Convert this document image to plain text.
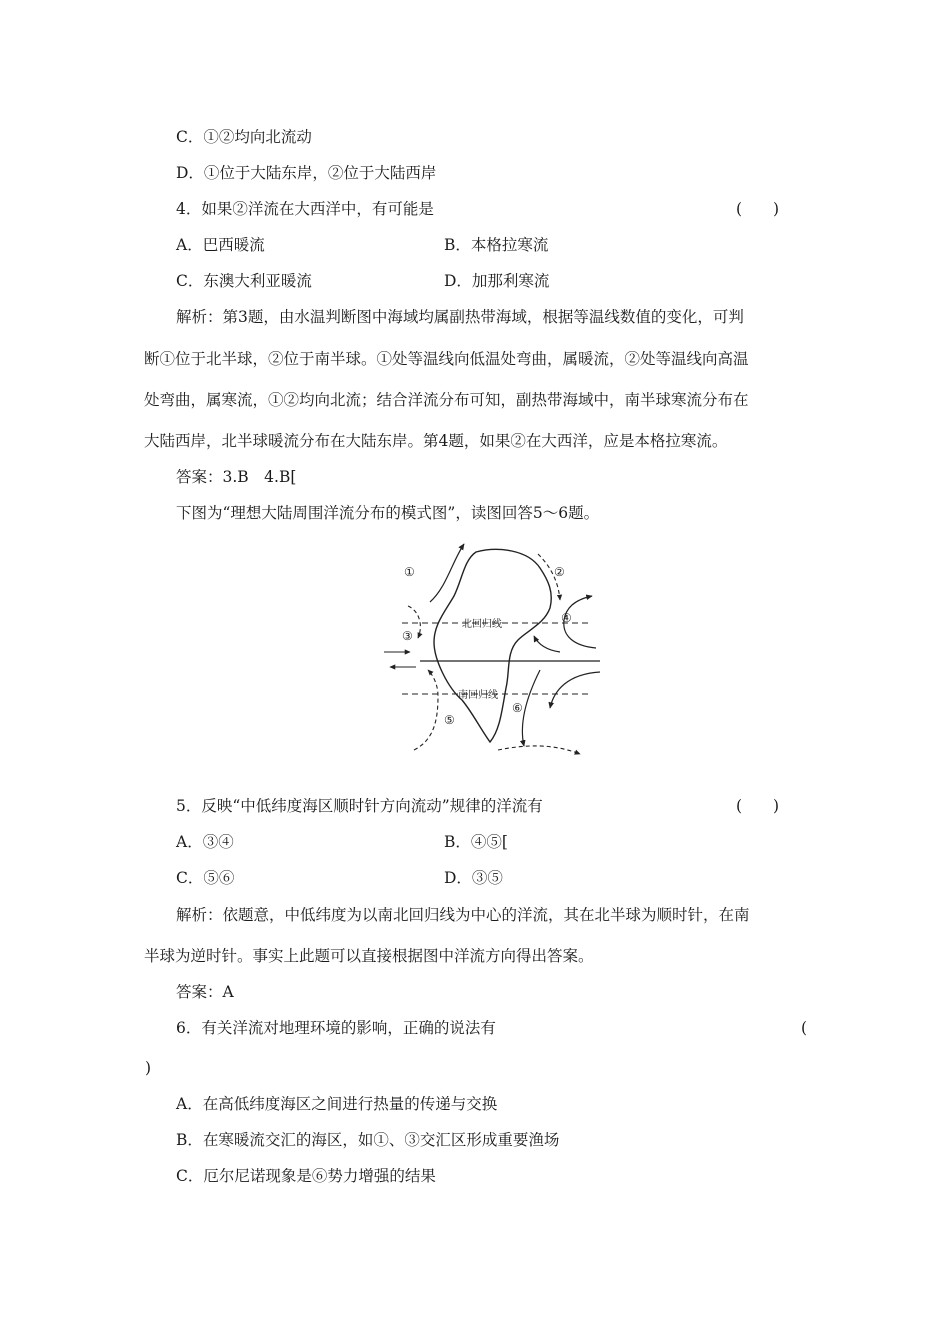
C．①②均向北流动
D．①位于大陆东岸，②位于大陆西岸
4．如果②洋流在大西洋中，有可能是	(　　)
A．巴西暖流	B．本格拉寒流
C．东澳大利亚暖流	D．加那利寒流
解析：第3题，由水温判断图中海域均属副热带海域，根据等温线数值的变化，可判
断①位于北半球，②位于南半球。①处等温线向低温处弯曲，属暖流，②处等温线向高温
处弯曲，属寒流，①②均向北流；结合洋流分布可知，副热带海域中，南半球寒流分布在
大陆西岸，北半球暖流分布在大陆东岸。第4题，如果②在大西洋，应是本格拉寒流。
答案：3.B　4.B[
下图为“理想大陆周围洋流分布的模式图”，读图回答5～6题。
北回归线
南回归线
①	②
③
④
⑤
⑥
5．反映“中低纬度海区顺时针方向流动”规律的洋流有	(　　)
A．③④	B．④⑤[
C．⑤⑥	D．③⑤
解析：依题意，中低纬度为以南北回归线为中心的洋流，其在北半球为顺时针，在南
半球为逆时针。事实上此题可以直接根据图中洋流方向得出答案。
答案：A
6．有关洋流对地理环境的影响，正确的说法有	(
)
A．在高低纬度海区之间进行热量的传递与交换
B．在寒暖流交汇的海区，如①、③交汇区形成重要渔场
C．厄尔尼诺现象是⑥势力增强的结果
